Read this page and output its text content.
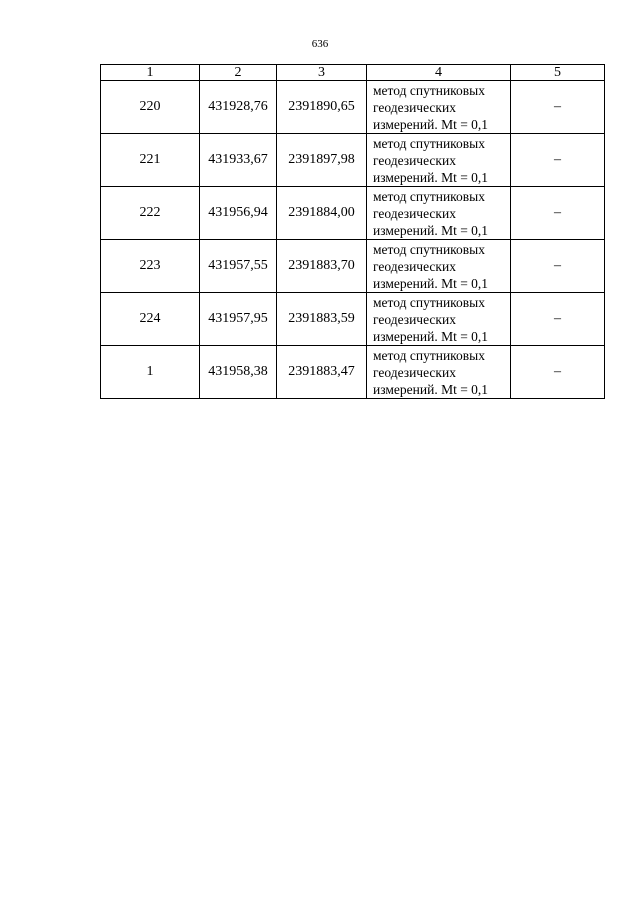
636
1	2	3	4	5
220	431928,76	2391890,65	метод спутниковых
геодезических
измерений. Mt = 0,1	–
221	431933,67	2391897,98	метод спутниковых
геодезических
измерений. Mt = 0,1	–
222	431956,94	2391884,00	метод спутниковых
геодезических
измерений. Mt = 0,1	–
223	431957,55	2391883,70	метод спутниковых
геодезических
измерений. Mt = 0,1	–
224	431957,95	2391883,59	метод спутниковых
геодезических
измерений. Mt = 0,1	–
1	431958,38	2391883,47	метод спутниковых
геодезических
измерений. Mt = 0,1	–
